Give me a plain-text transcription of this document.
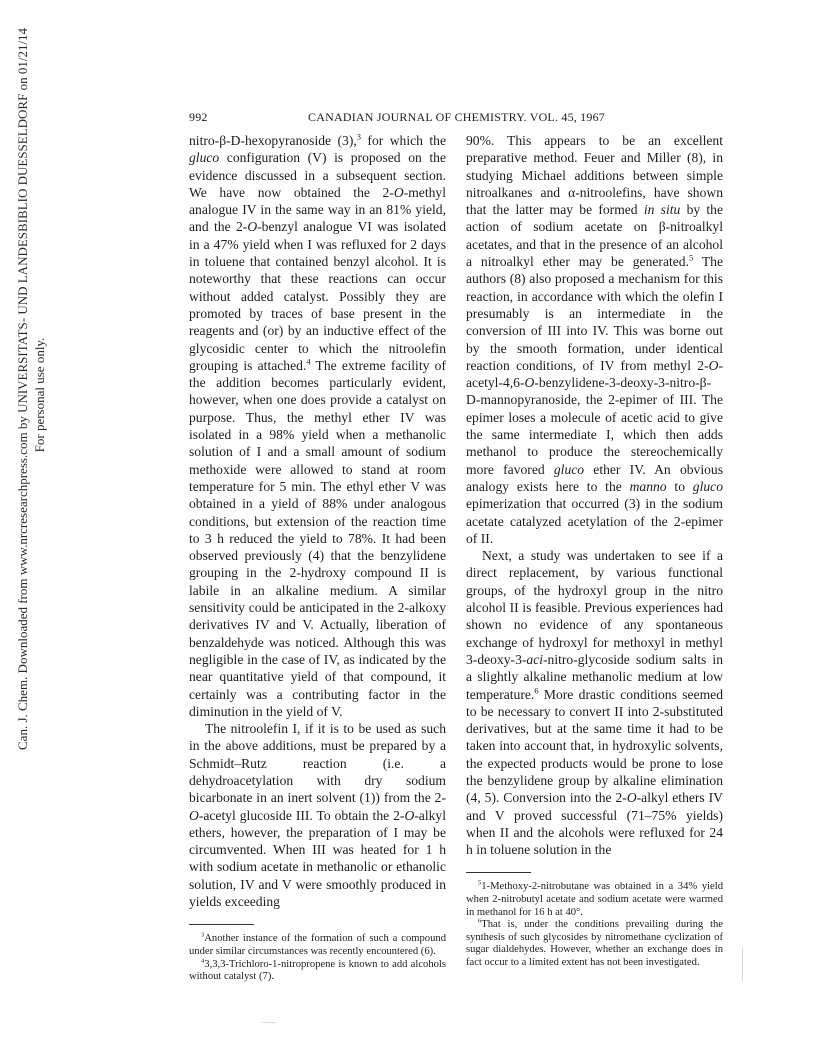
Can. J. Chem. Downloaded from www.nrcresearchpress.com by UNIVERSITATS- UND LANDESBIBLIO DUESSELDORF on 01/21/14 For personal use only.
992	CANADIAN JOURNAL OF CHEMISTRY. VOL. 45, 1967

nitro-β-D-hexopyranoside (3),$^3$ for which the gluco configuration (V) is proposed on the evidence discussed in a subsequent section. We have now obtained the 2-O-methyl analogue IV in the same way in an 81% yield, and the 2-O-benzyl analogue VI was isolated in a 47% yield when I was refluxed for 2 days in toluene that contained benzyl alcohol. It is noteworthy that these reactions can occur without added catalyst. Possibly they are promoted by traces of base present in the reagents and (or) by an inductive effect of the glycosidic center to which the nitroolefin grouping is attached.$^4$ The extreme facility of the addition becomes particularly evident, however, when one does provide a catalyst on purpose. Thus, the methyl ether IV was isolated in a 98% yield when a methanolic solution of I and a small amount of sodium methoxide were allowed to stand at room temperature for 5 min. The ethyl ether V was obtained in a yield of 88% under analogous conditions, but extension of the reaction time to 3 h reduced the yield to 78%. It had been observed previously (4) that the benzylidene grouping in the 2-hydroxy compound II is labile in an alkaline medium. A similar sensitivity could be anticipated in the 2-alkoxy derivatives IV and V. Actually, liberation of benzaldehyde was noticed. Although this was negligible in the case of IV, as indicated by the near quantitative yield of that compound, it certainly was a contributing factor in the diminution in the yield of V.

The nitroolefin I, if it is to be used as such in the above additions, must be prepared by a Schmidt–Rutz reaction (i.e. a dehydroacetylation with dry sodium bicarbonate in an inert solvent (1)) from the 2-O-acetyl glucoside III. To obtain the 2-O-alkyl ethers, however, the preparation of I may be circumvented. When III was heated for 1 h with sodium acetate in methanolic or ethanolic solution, IV and V were smoothly produced in yields exceeding

$^3$Another instance of the formation of such a compound under similar circumstances was recently encountered (6).

$^4$3,3,3-Trichloro-1-nitropropene is known to add alcohols without catalyst (7).

90%. This appears to be an excellent preparative method. Feuer and Miller (8), in studying Michael additions between simple nitroalkanes and α-nitroolefins, have shown that the latter may be formed in situ by the action of sodium acetate on β-nitroalkyl acetates, and that in the presence of an alcohol a nitroalkyl ether may be generated.$^5$ The authors (8) also proposed a mechanism for this reaction, in accordance with which the olefin I presumably is an intermediate in the conversion of III into IV. This was borne out by the smooth formation, under identical reaction conditions, of IV from methyl 2-O-acetyl-4,6-O-benzylidene-3-deoxy-3-nitro-β-D-mannopyranoside, the 2-epimer of III. The epimer loses a molecule of acetic acid to give the same intermediate I, which then adds methanol to produce the stereochemically more favored gluco ether IV. An obvious analogy exists here to the manno to gluco epimerization that occurred (3) in the sodium acetate catalyzed acetylation of the 2-epimer of II.

Next, a study was undertaken to see if a direct replacement, by various functional groups, of the hydroxyl group in the nitro alcohol II is feasible. Previous experiences had shown no evidence of any spontaneous exchange of hydroxyl for methoxyl in methyl 3-deoxy-3-aci-nitro-glycoside sodium salts in a slightly alkaline methanolic medium at low temperature.$^6$ More drastic conditions seemed to be necessary to convert II into 2-substituted derivatives, but at the same time it had to be taken into account that, in hydroxylic solvents, the expected products would be prone to lose the benzylidene group by alkaline elimination (4, 5). Conversion into the 2-O-alkyl ethers IV and V proved successful (71–75% yields) when II and the alcohols were refluxed for 24 h in toluene solution in the

$^5$1-Methoxy-2-nitrobutane was obtained in a 34% yield when 2-nitrobutyl acetate and sodium acetate were warmed in methanol for 16 h at 40°.

$^6$That is, under the conditions prevailing during the synthesis of such glycosides by nitromethane cyclization of sugar dialdehydes. However, whether an exchange does in fact occur to a limited extent has not been investigated.
